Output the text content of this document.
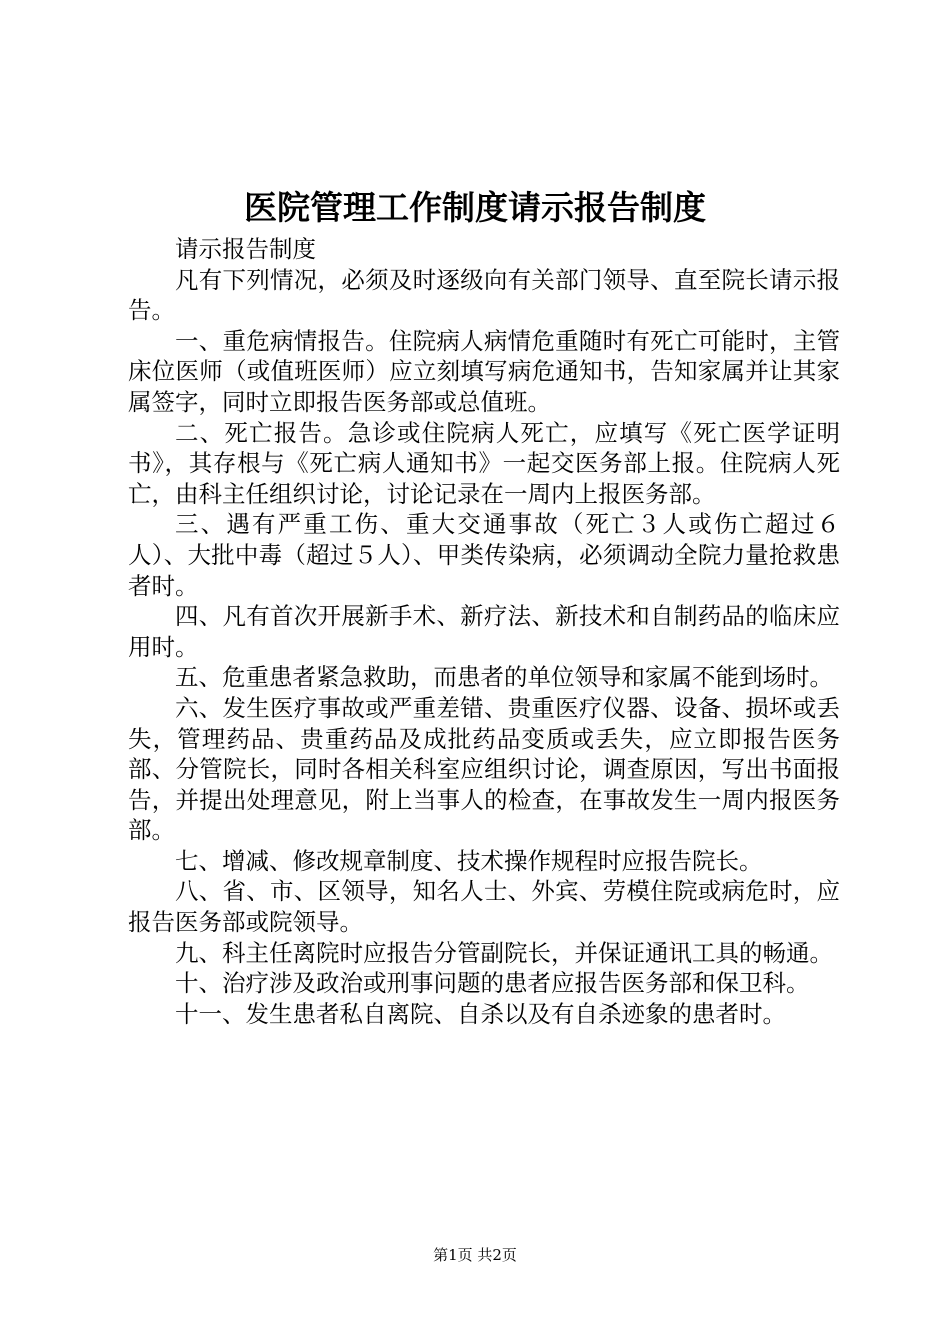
医院管理工作制度请示报告制度

请示报告制度

凡有下列情况，必须及时逐级向有关部门领导、直至院长请示报告。

一、重危病情报告。住院病人病情危重随时有死亡可能时，主管床位医师（或值班医师）应立刻填写病危通知书，告知家属并让其家属签字，同时立即报告医务部或总值班。

二、死亡报告。急诊或住院病人死亡，应填写《死亡医学证明书》，其存根与《死亡病人通知书》一起交医务部上报。住院病人死亡，由科主任组织讨论，讨论记录在一周内上报医务部。

三、遇有严重工伤、重大交通事故（死亡３人或伤亡超过６人）、大批中毒（超过５人）、甲类传染病，必须调动全院力量抢救患者时。

四、凡有首次开展新手术、新疗法、新技术和自制药品的临床应用时。

五、危重患者紧急救助，而患者的单位领导和家属不能到场时。

六、发生医疗事故或严重差错、贵重医疗仪器、设备、损坏或丢失，管理药品、贵重药品及成批药品变质或丢失，应立即报告医务部、分管院长，同时各相关科室应组织讨论，调查原因，写出书面报告，并提出处理意见，附上当事人的检查，在事故发生一周内报医务部。

七、增减、修改规章制度、技术操作规程时应报告院长。

八、省、市、区领导，知名人士、外宾、劳模住院或病危时，应报告医务部或院领导。

九、科主任离院时应报告分管副院长，并保证通讯工具的畅通。

十、治疗涉及政治或刑事问题的患者应报告医务部和保卫科。

十一、发生患者私自离院、自杀以及有自杀迹象的患者时。

第1页 共2页
